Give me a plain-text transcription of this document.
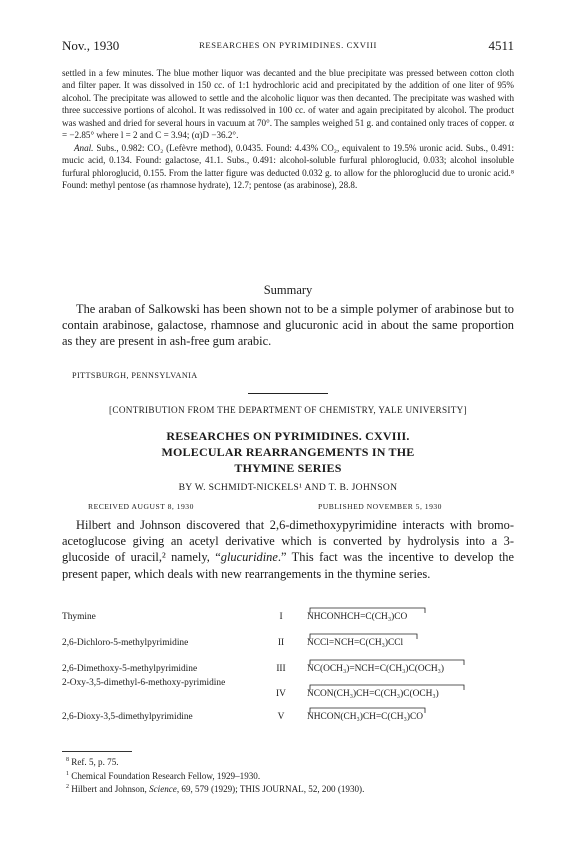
Nov., 1930	RESEARCHES ON PYRIMIDINES. CXVIII	4511

settled in a few minutes. The blue mother liquor was decanted and the blue precipitate was pressed between cotton cloth and filter paper. It was dissolved in 150 cc. of 1:1 hydrochloric acid and precipitated by the addition of one liter of 95% alcohol. The precipitate was allowed to settle and the alcoholic liquor was then decanted. The precipitate was washed with three successive portions of alcohol. It was redissolved in 100 cc. of water and again precipitated by alcohol. The product was washed and dried for several hours in vacuum at 70°. The samples weighed 51 g. and contained only traces of copper. α = −2.85° where l = 2 and C = 3.94; (α)D −36.2°.

Anal. Subs., 0.982: CO₂ (Lefèvre method), 0.0435. Found: 4.43% CO₂, equivalent to 19.5% uronic acid. Subs., 0.491: mucic acid, 0.134. Found: galactose, 41.1. Subs., 0.491: alcohol-soluble furfural phloroglucid, 0.033; alcohol insoluble furfural phloroglucid, 0.155. From the latter figure was deducted 0.032 g. to allow for the phloroglucid due to uronic acid.⁸ Found: methyl pentose (as rhamnose hydrate), 12.7; pentose (as arabinose), 28.8.

Summary

The araban of Salkowski has been shown not to be a simple polymer of arabinose but to contain arabinose, galactose, rhamnose and glucuronic acid in about the same proportion as they are present in ash-free gum arabic.

PITTSBURGH, PENNSYLVANIA
[CONTRIBUTION FROM THE DEPARTMENT OF CHEMISTRY, YALE UNIVERSITY]
RESEARCHES ON PYRIMIDINES. CXVIII.
MOLECULAR REARRANGEMENTS IN THE
THYMINE SERIES
BY W. SCHMIDT-NICKELS¹ AND T. B. JOHNSON
RECEIVED AUGUST 8, 1930	PUBLISHED NOVEMBER 5, 1930

Hilbert and Johnson discovered that 2,6-dimethoxypyrimidine interacts with bromo-acetoglucose giving an acetyl derivative which is converted by hydrolysis into a 3-glucoside of uracil,² namely, “glucuridine.” This fact was the incentive to develop the present paper, which deals with new rearrangements in the thymine series.

Thymine	I	NHCONHCH=C(CH₃)CO
2,6-Dichloro-5-methylpyrimidine	II	NCCl=NCH=C(CH₃)CCl
2,6-Dimethoxy-5-methylpyrimidine	III	NC(OCH₃)=NCH=C(CH₃)C(OCH₃)
2-Oxy-3,5-dimethyl-6-methoxy-pyrimidine
IV	NCON(CH₃)CH=C(CH₃)C(OCH₃)
2,6-Dioxy-3,5-dimethylpyrimidine	V	NHCON(CH₃)CH=C(CH₃)CO
$^8$ Ref. 5, p. 75.
$^1$ Chemical Foundation Research Fellow, 1929–1930.
$^2$ Hilbert and Johnson, Science, 69, 579 (1929); THIS JOURNAL, 52, 200 (1930).
